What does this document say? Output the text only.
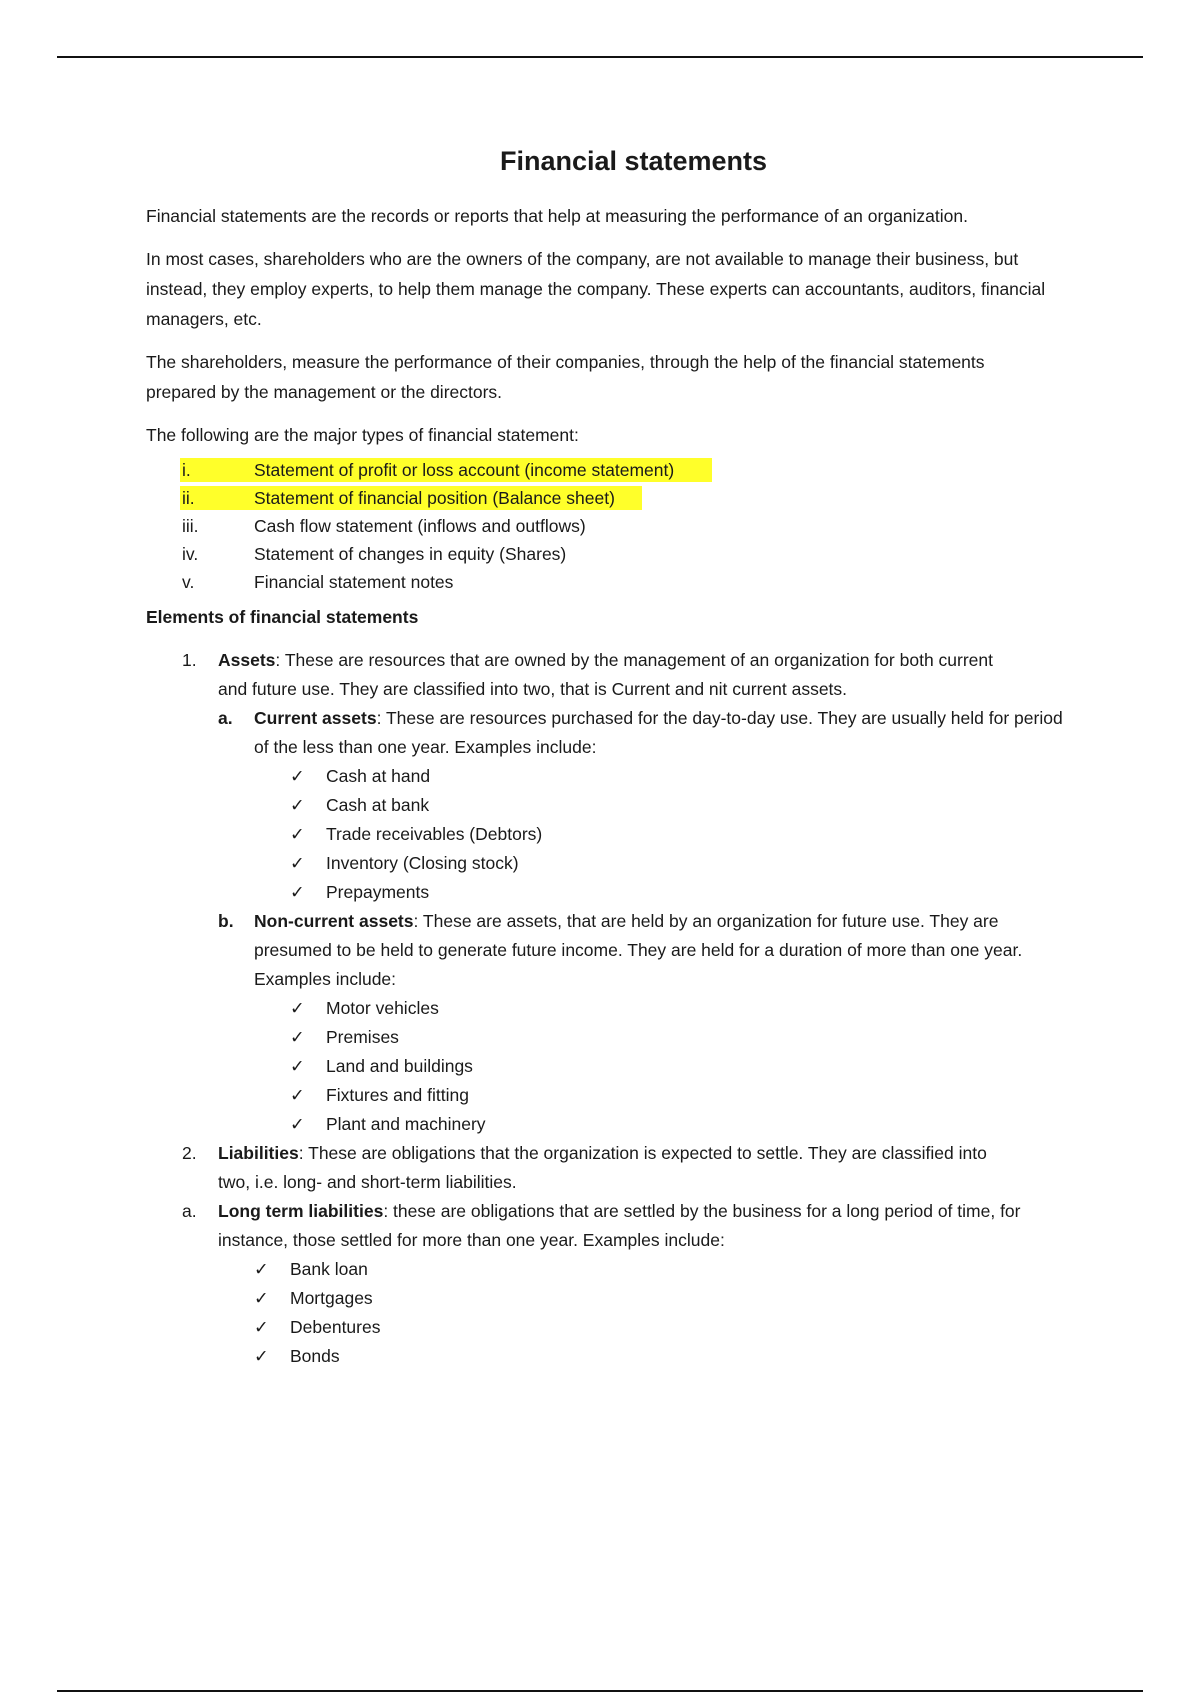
Financial statements

Financial statements are the records or reports that help at measuring the performance of an organization.

In most cases, shareholders who are the owners of the company, are not available to manage their business, but instead, they employ experts, to help them manage the company. These experts can accountants, auditors, financial managers, etc.

The shareholders, measure the performance of their companies, through the help of the financial statements prepared by the management or the directors.

The following are the major types of financial statement:

i.	Statement of profit or loss account (income statement)
ii.	Statement of financial position (Balance sheet)
iii.	Cash flow statement (inflows and outflows)
iv.	Statement of changes in equity (Shares)
v.	Financial statement notes
Elements of financial statements
1. Assets: These are resources that are owned by the management of an organization for both current and future use. They are classified into two, that is Current and nit current assets.
a. Current assets: These are resources purchased for the day-to-day use. They are usually held for period of the less than one year. Examples include:
✓ Cash at hand
✓ Cash at bank
✓ Trade receivables (Debtors)
✓ Inventory (Closing stock)
✓ Prepayments
b. Non-current assets: These are assets, that are held by an organization for future use. They are presumed to be held to generate future income. They are held for a duration of more than one year. Examples include:
✓ Motor vehicles
✓ Premises
✓ Land and buildings
✓ Fixtures and fitting
✓ Plant and machinery
2. Liabilities: These are obligations that the organization is expected to settle. They are classified into two, i.e. long- and short-term liabilities.
a. Long term liabilities: these are obligations that are settled by the business for a long period of time, for instance, those settled for more than one year. Examples include:
✓ Bank loan
✓ Mortgages
✓ Debentures
✓ Bonds
